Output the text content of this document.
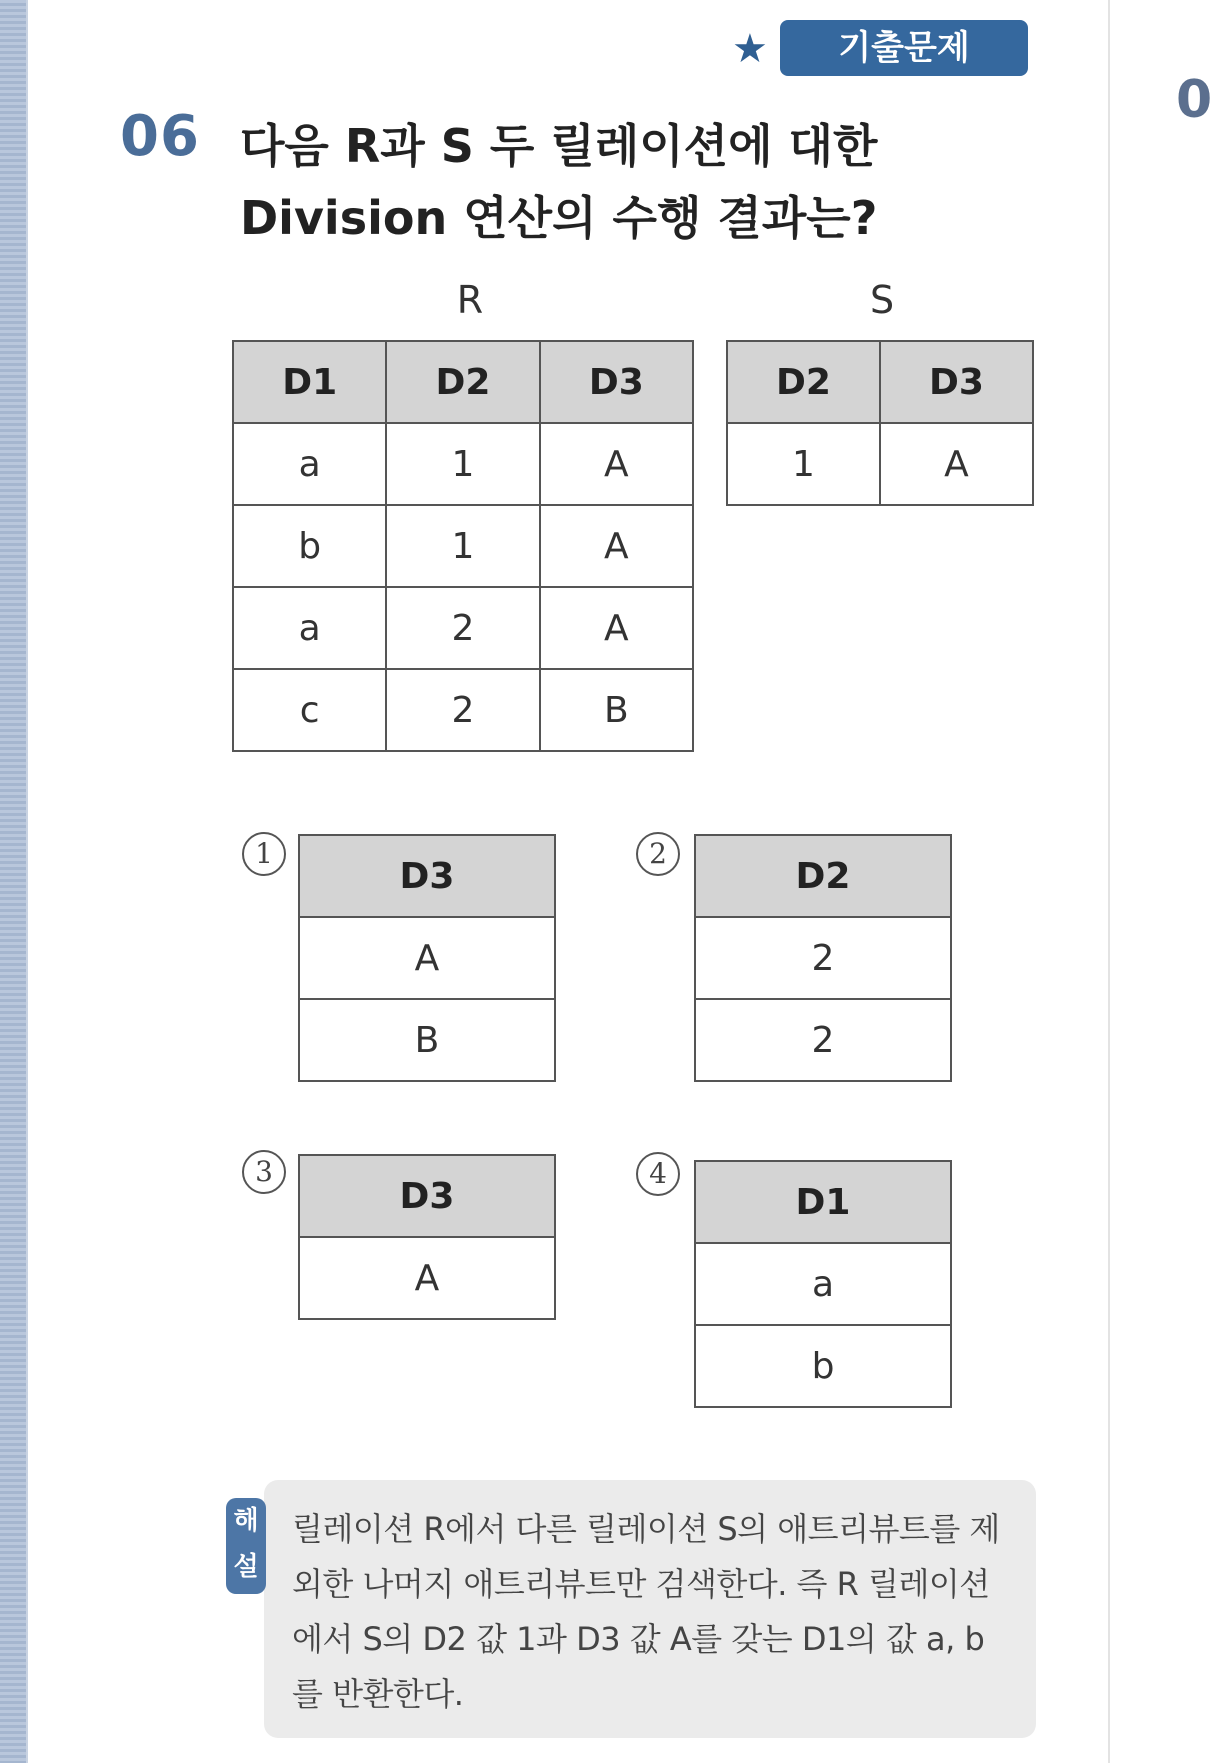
0
★	기출문제
06 다음 R과 S 두 릴레이션에 대한 Division 연산의 수행 결과는?
R
D1	D2	D3
a	1	A
b	1	A
a	2	A
c	2	B
S
D2	D3
1	A
1
D3
A
B
2
D2
2
2
3
D3
A
4
D1
a
b
해
설
릴레이션 R에서 다른 릴레이션 S의 애트리뷰트를 제외한 나머지 애트리뷰트만 검색한다. 즉 R 릴레이션에서 S의 D2 값 1과 D3 값 A를 갖는 D1의 값 a, b를 반환한다.
